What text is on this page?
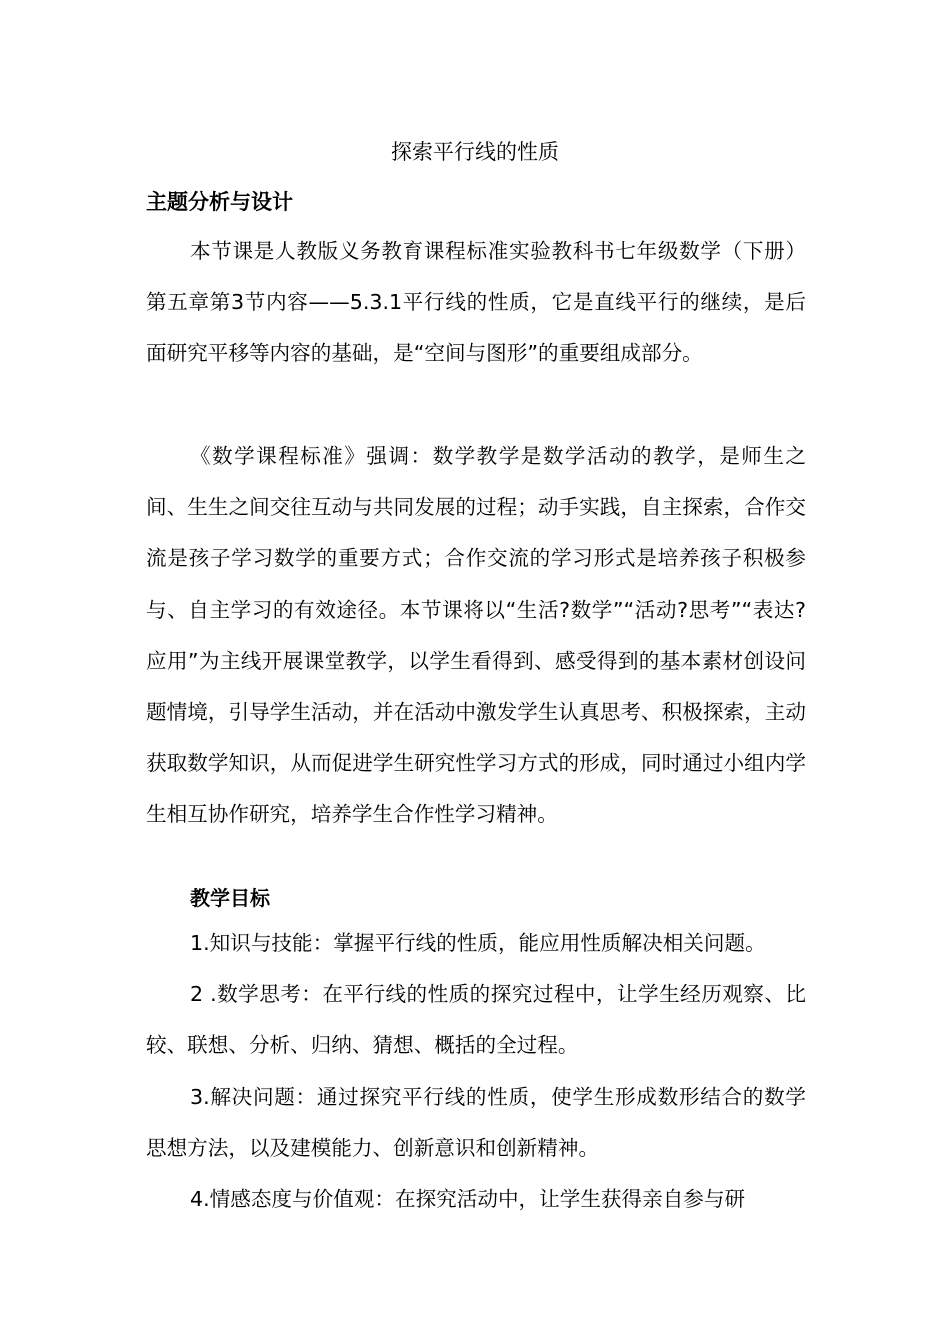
探索平行线的性质
主题分析与设计

本节课是人教版义务教育课程标准实验教科书七年级数学（下册）第五章第3节内容——5.3.1平行线的性质，它是直线平行的继续，是后面研究平移等内容的基础，是“空间与图形”的重要组成部分。

《数学课程标准》强调：数学教学是数学活动的教学，是师生之间、生生之间交往互动与共同发展的过程；动手实践，自主探索，合作交流是孩子学习数学的重要方式；合作交流的学习形式是培养孩子积极参与、自主学习的有效途径。本节课将以“生活?数学”“活动?思考”“表达?应用”为主线开展课堂教学，以学生看得到、感受得到的基本素材创设问题情境，引导学生活动，并在活动中激发学生认真思考、积极探索，主动获取数学知识，从而促进学生研究性学习方式的形成，同时通过小组内学生相互协作研究，培养学生合作性学习精神。

教学目标

1.知识与技能：掌握平行线的性质，能应用性质解决相关问题。

2 .数学思考：在平行线的性质的探究过程中，让学生经历观察、比较、联想、分析、归纳、猜想、概括的全过程。

3.解决问题：通过探究平行线的性质，使学生形成数形结合的数学思想方法，以及建模能力、创新意识和创新精神。

4.情感态度与价值观：在探究活动中，让学生获得亲自参与研
